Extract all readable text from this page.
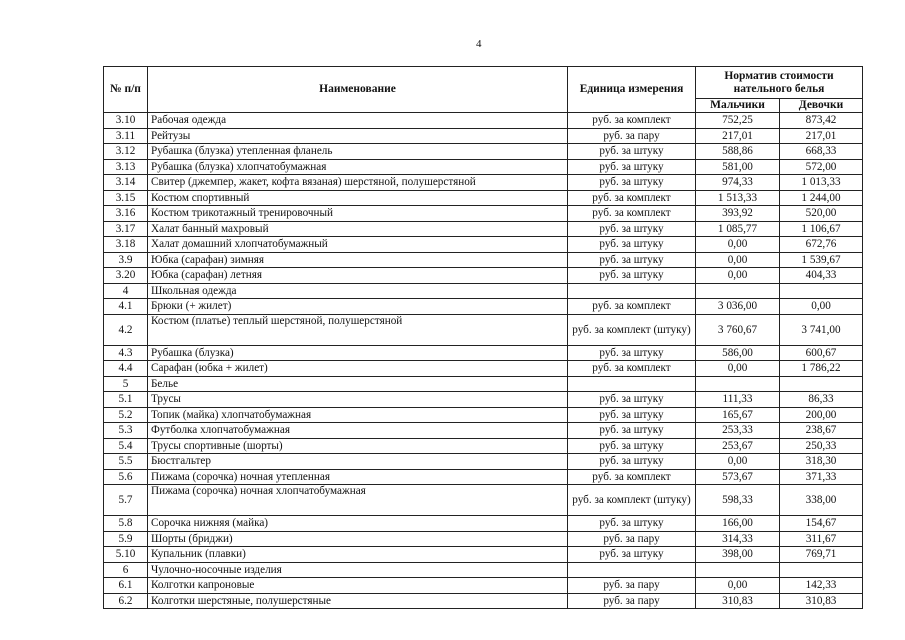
4
№ п/п	Наименование	Единица измерения	Норматив стоимости нательного белья	
			Мальчики	Девочки
3.10	Рабочая одежда	руб. за комплект	752,25	873,42
3.11	Рейтузы	руб. за пару	217,01	217,01
3.12	Рубашка (блузка) утепленная фланель	руб. за штуку	588,86	668,33
3.13	Рубашка (блузка) хлопчатобумажная	руб. за штуку	581,00	572,00
3.14	Свитер (джемпер, жакет, кофта вязаная) шерстяной, полушерстяной	руб. за штуку	974,33	1 013,33
3.15	Костюм спортивный	руб. за комплект	1 513,33	1 244,00
3.16	Костюм трикотажный тренировочный	руб. за комплект	393,92	520,00
3.17	Халат банный махровый	руб. за штуку	1 085,77	1 106,67
3.18	Халат домашний хлопчатобумажный	руб. за штуку	0,00	672,76
3.9	Юбка (сарафан) зимняя	руб. за штуку	0,00	1 539,67
3.20	Юбка (сарафан) летняя	руб. за штуку	0,00	404,33
4	Школьная одежда			
4.1	Брюки (+ жилет)	руб. за комплект	3 036,00	0,00
4.2	Костюм (платье) теплый шерстяной, полушерстяной	руб. за комплект (штуку)	3 760,67	3 741,00
4.3	Рубашка (блузка)	руб. за штуку	586,00	600,67
4.4	Сарафан (юбка + жилет)	руб. за комплект	0,00	1 786,22
5	Белье			
5.1	Трусы	руб. за штуку	111,33	86,33
5.2	Топик (майка) хлопчатобумажная	руб. за штуку	165,67	200,00
5.3	Футболка хлопчатобумажная	руб. за штуку	253,33	238,67
5.4	Трусы спортивные (шорты)	руб. за штуку	253,67	250,33
5.5	Бюстгальтер	руб. за штуку	0,00	318,30
5.6	Пижама (сорочка) ночная утепленная	руб. за комплект	573,67	371,33
5.7	Пижама (сорочка) ночная хлопчатобумажная	руб. за комплект (штуку)	598,33	338,00
5.8	Сорочка нижняя (майка)	руб. за штуку	166,00	154,67
5.9	Шорты (бриджи)	руб. за пару	314,33	311,67
5.10	Купальник (плавки)	руб. за штуку	398,00	769,71
6	Чулочно-носочные изделия			
6.1	Колготки капроновые	руб. за пару	0,00	142,33
6.2	Колготки шерстяные, полушерстяные	руб. за пару	310,83	310,83
